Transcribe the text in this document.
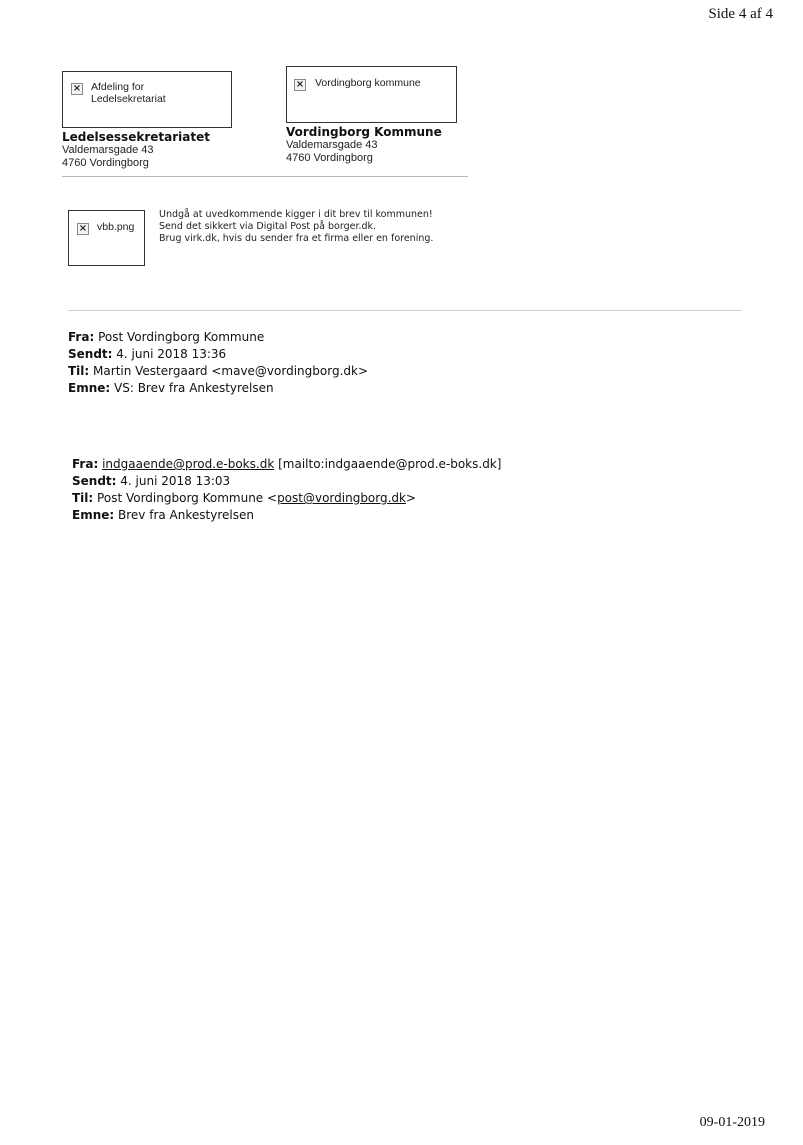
Side 4 af 4
× Afdeling for
Ledelsekretariat
Ledelsessekretariatet
Valdemarsgade 43
4760 Vordingborg
× Vordingborg kommune
Vordingborg Kommune
Valdemarsgade 43
4760 Vordingborg
× vbb.png
Undgå at uvedkommende kigger i dit brev til kommunen!
Send det sikkert via Digital Post på borger.dk.
Brug virk.dk, hvis du sender fra et firma eller en forening.
Fra: Post Vordingborg Kommune
Sendt: 4. juni 2018 13:36
Til: Martin Vestergaard <mave@vordingborg.dk>
Emne: VS: Brev fra Ankestyrelsen
Fra: indgaaende@prod.e-boks.dk [mailto:indgaaende@prod.e-boks.dk]
Sendt: 4. juni 2018 13:03
Til: Post Vordingborg Kommune <post@vordingborg.dk>
Emne: Brev fra Ankestyrelsen
09-01-2019
